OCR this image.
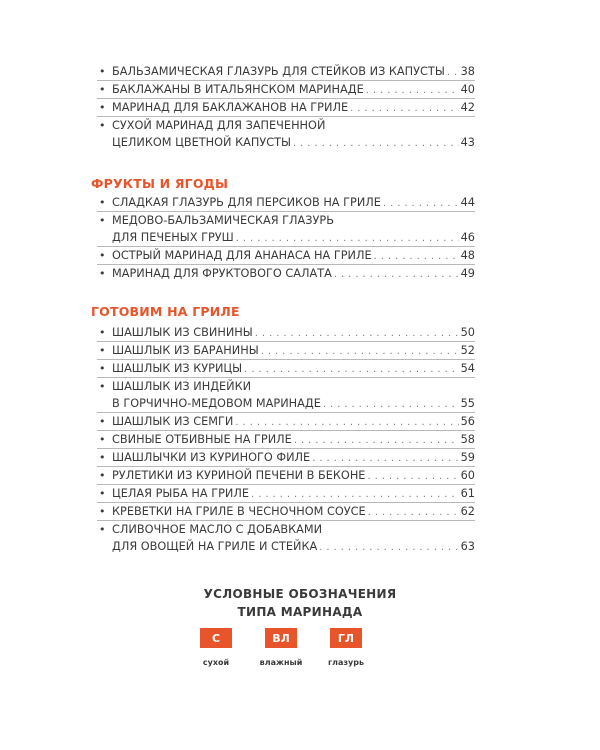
• БАЛЬЗАМИЧЕСКАЯ ГЛАЗУРЬ ДЛЯ СТЕЙКОВ ИЗ КАПУСТЫ . . . 38
• БАКЛАЖАНЫ В ИТАЛЬЯНСКОМ МАРИНАДЕ . . .	40
• МАРИНАД ДЛЯ БАКЛАЖАНОВ НА ГРИЛЕ . . .	42
• СУХОЙ МАРИНАД ДЛЯ ЗАПЕЧЕННОЙ
ЦЕЛИКОМ ЦВЕТНОЙ КАПУСТЫ . . .	43
ФРУКТЫ И ЯГОДЫ
• СЛАДКАЯ ГЛАЗУРЬ ДЛЯ ПЕРСИКОВ НА ГРИЛЕ . . .	44
• МЕДОВО-БАЛЬЗАМИЧЕСКАЯ ГЛАЗУРЬ
ДЛЯ ПЕЧЕНЫХ ГРУШ . . .	46
• ОСТРЫЙ МАРИНАД ДЛЯ АНАНАСА НА ГРИЛЕ . . .	48
• МАРИНАД ДЛЯ ФРУКТОВОГО САЛАТА . . .	49
ГОТОВИМ НА ГРИЛЕ
• ШАШЛЫК ИЗ СВИНИНЫ . . .	50
• ШАШЛЫК ИЗ БАРАНИНЫ . . .	52
• ШАШЛЫК ИЗ КУРИЦЫ . . .	54
• ШАШЛЫК ИЗ ИНДЕЙКИ
В ГОРЧИЧНО-МЕДОВОМ МАРИНАДЕ . . .	55
• ШАШЛЫК ИЗ СЕМГИ . . .	56
• СВИНЫЕ ОТБИВНЫЕ НА ГРИЛЕ . . .	58
• ШАШЛЫЧКИ ИЗ КУРИНОГО ФИЛЕ . . .	59
• РУЛЕТИКИ ИЗ КУРИНОЙ ПЕЧЕНИ В БЕКОНЕ . . .	60
• ЦЕЛАЯ РЫБА НА ГРИЛЕ . . .	61
• КРЕВЕТКИ НА ГРИЛЕ В ЧЕСНОЧНОМ СОУСЕ . . .	62
• СЛИВОЧНОЕ МАСЛО С ДОБАВКАМИ
ДЛЯ ОВОЩЕЙ НА ГРИЛЕ И СТЕЙКА . . .	63
УСЛОВНЫЕ ОБОЗНАЧЕНИЯ
ТИПА МАРИНАДА
С	ВЛ	ГЛ
сухой	влажный	глазурь
